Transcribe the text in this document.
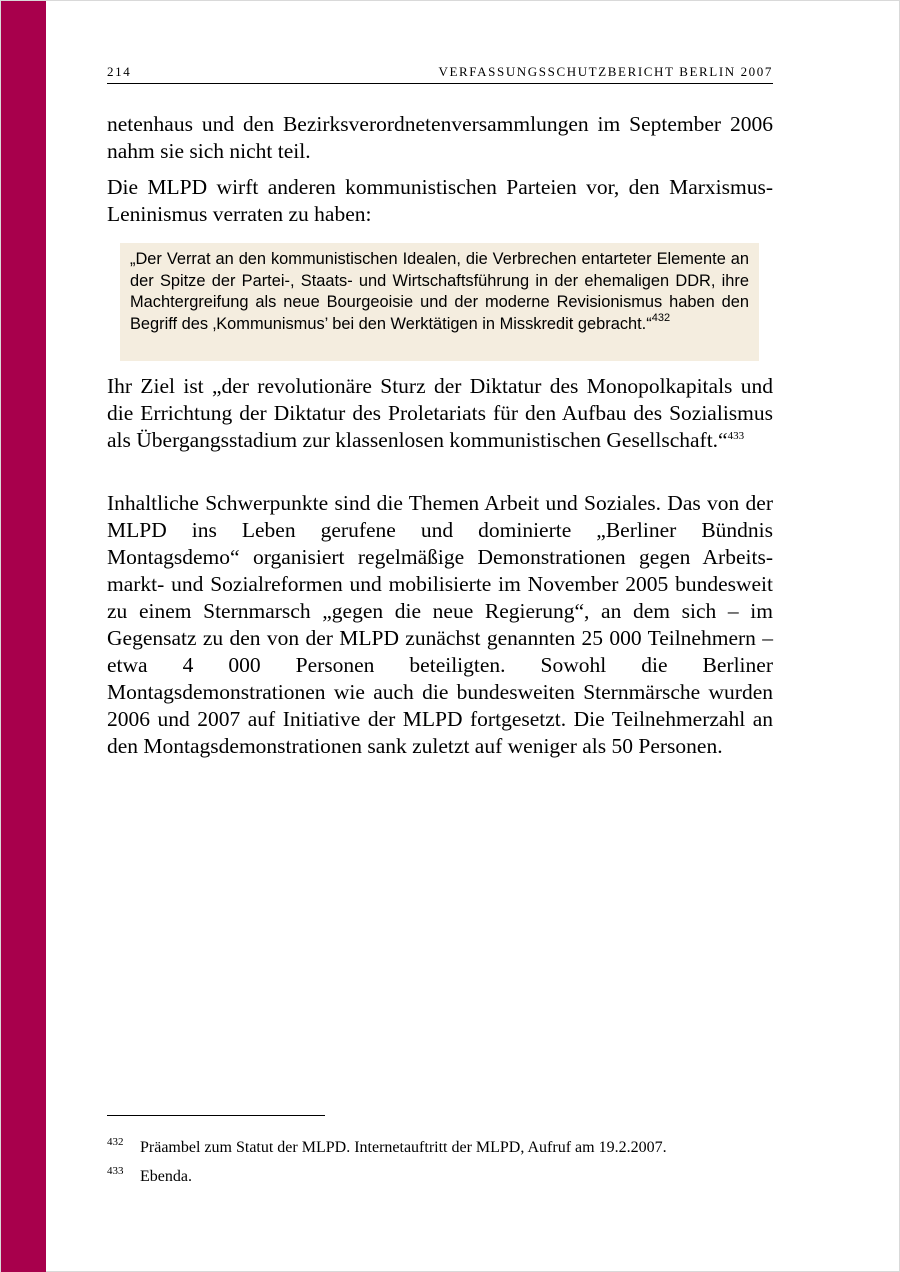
214	VERFASSUNGSSCHUTZBERICHT BERLIN 2007

netenhaus und den Bezirksverordnetenversammlungen im September 2006 nahm sie sich nicht teil.

Die MLPD wirft anderen kommunistischen Parteien vor, den Marxismus-Leninismus verraten zu haben:

„Der Verrat an den kommunistischen Idealen, die Verbrechen entarteter Elemente an der Spitze der Partei-, Staats- und Wirtschaftsführung in der ehemaligen DDR, ihre Machtergreifung als neue Bourgeoisie und der moderne Revisionismus haben den Begriff des ‚Kommunismus’ bei den Werktätigen in Misskredit gebracht.“$^{432}$

Ihr Ziel ist „der revolutionäre Sturz der Diktatur des Monopolkapitals und die Errichtung der Diktatur des Proletariats für den Aufbau des Sozialismus als Übergangsstadium zur klassenlosen kommunistischen Gesellschaft.“$^{433}$

Inhaltliche Schwerpunkte sind die Themen Arbeit und Soziales. Das von der MLPD ins Leben gerufene und dominierte „Berliner Bündnis Montagsdemo“ organisiert regelmäßige Demonstrationen gegen Arbeitsmarkt- und Sozialreformen und mobilisierte im November 2005 bundesweit zu einem Sternmarsch „gegen die neue Regierung“, an dem sich – im Gegensatz zu den von der MLPD zunächst genannten 25 000 Teilnehmern – etwa 4 000 Personen beteiligten. Sowohl die Berliner Montagsdemonstrationen wie auch die bundesweiten Sternmärsche wurden 2006 und 2007 auf Initiative der MLPD fortgesetzt. Die Teilnehmerzahl an den Montagsdemonstrationen sank zuletzt auf weniger als 50 Personen.

432 Präambel zum Statut der MLPD. Internetauftritt der MLPD, Aufruf am 19.2.2007.
433 Ebenda.
